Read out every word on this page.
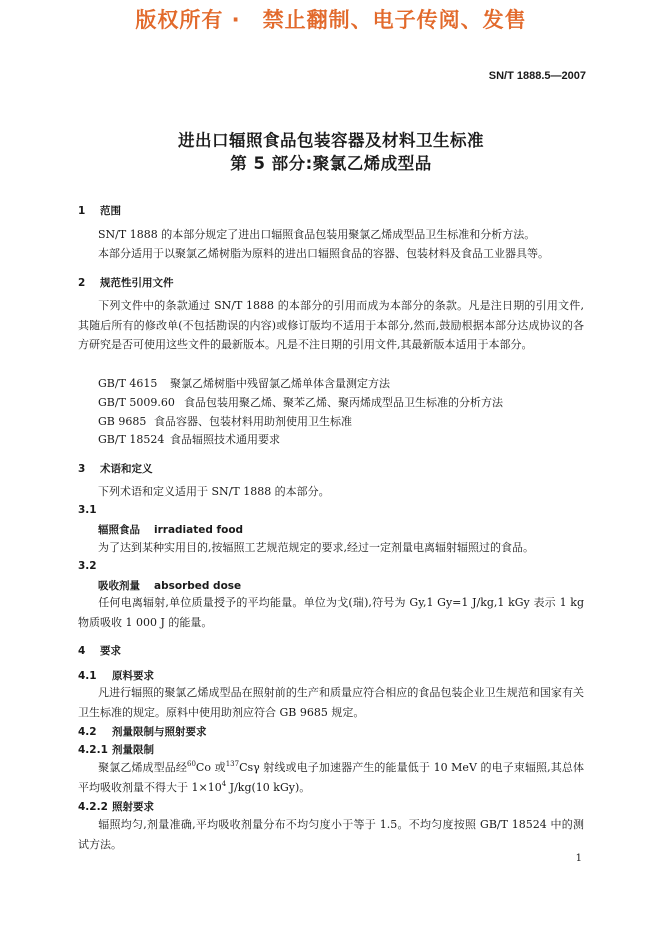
版权所有 ·　禁止翻制、电子传阅、发售
SN/T 1888.5—2007
进出口辐照食品包装容器及材料卫生标准
第 5 部分:聚氯乙烯成型品
1 范围
SN/T 1888 的本部分规定了进出口辐照食品包装用聚氯乙烯成型品卫生标准和分析方法。
本部分适用于以聚氯乙烯树脂为原料的进出口辐照食品的容器、包装材料及食品工业器具等。
2 规范性引用文件
下列文件中的条款通过 SN/T 1888 的本部分的引用而成为本部分的条款。凡是注日期的引用文件,其随后所有的修改单(不包括勘误的内容)或修订版均不适用于本部分,然而,鼓励根据本部分达成协议的各方研究是否可使用这些文件的最新版本。凡是不注日期的引用文件,其最新版本适用于本部分。
GB/T 4615 聚氯乙烯树脂中残留氯乙烯单体含量测定方法
GB/T 5009.60 食品包装用聚乙烯、聚苯乙烯、聚丙烯成型品卫生标准的分析方法
GB 9685 食品容器、包装材料用助剂使用卫生标准
GB/T 18524 食品辐照技术通用要求
3 术语和定义
下列术语和定义适用于 SN/T 1888 的本部分。
3.1
辐照食品 irradiated food
为了达到某种实用目的,按辐照工艺规范规定的要求,经过一定剂量电离辐射辐照过的食品。
3.2
吸收剂量 absorbed dose
任何电离辐射,单位质量授予的平均能量。单位为戈(瑞),符号为 Gy,1 Gy=1 J/kg,1 kGy 表示 1 kg 物质吸收 1 000 J 的能量。
4 要求
4.1 原料要求
凡进行辐照的聚氯乙烯成型品在照射前的生产和质量应符合相应的食品包装企业卫生规范和国家有关卫生标准的规定。原料中使用助剂应符合 GB 9685 规定。
4.2 剂量限制与照射要求
4.2.1 剂量限制
聚氯乙烯成型品经$^{60}$Co 或$^{137}$Csγ 射线或电子加速器产生的能量低于 10 MeV 的电子束辐照,其总体平均吸收剂量不得大于 $1\times 10^4$ J/kg(10 kGy)。
4.2.2 照射要求
辐照均匀,剂量准确,平均吸收剂量分布不均匀度小于等于 1.5。不均匀度按照 GB/T 18524 中的测试方法。
1
